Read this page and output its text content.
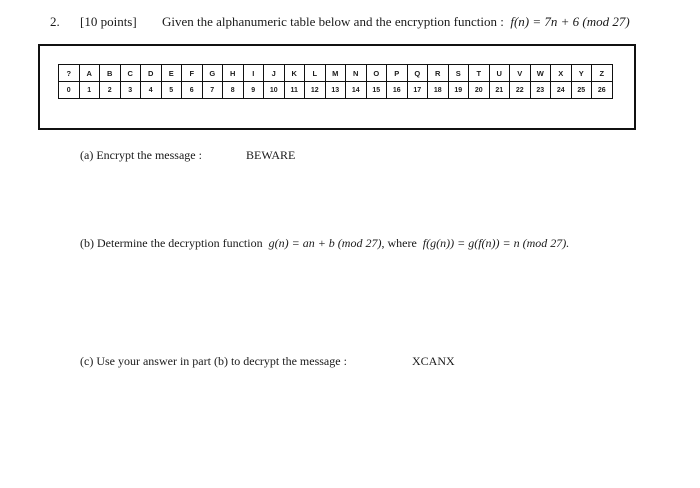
2. [10 points] Given the alphanumeric table below and the encryption function : f(n) = 7n + 6 (mod 27)
?	A	B	C	D	E	F	G	H	I	J	K	L	M	N	O	P	Q	R	S	T	U	V	W	X	Y	Z
0	1	2	3	4	5	6	7	8	9	10	11	12	13	14	15	16	17	18	19	20	21	22	23	24	25	26
(a) Encrypt the message :	BEWARE
(b) Determine the decryption function g(n) = an + b (mod 27), where f(g(n)) = g(f(n)) = n (mod 27).
(c) Use your answer in part (b) to decrypt the message :	XCANX
